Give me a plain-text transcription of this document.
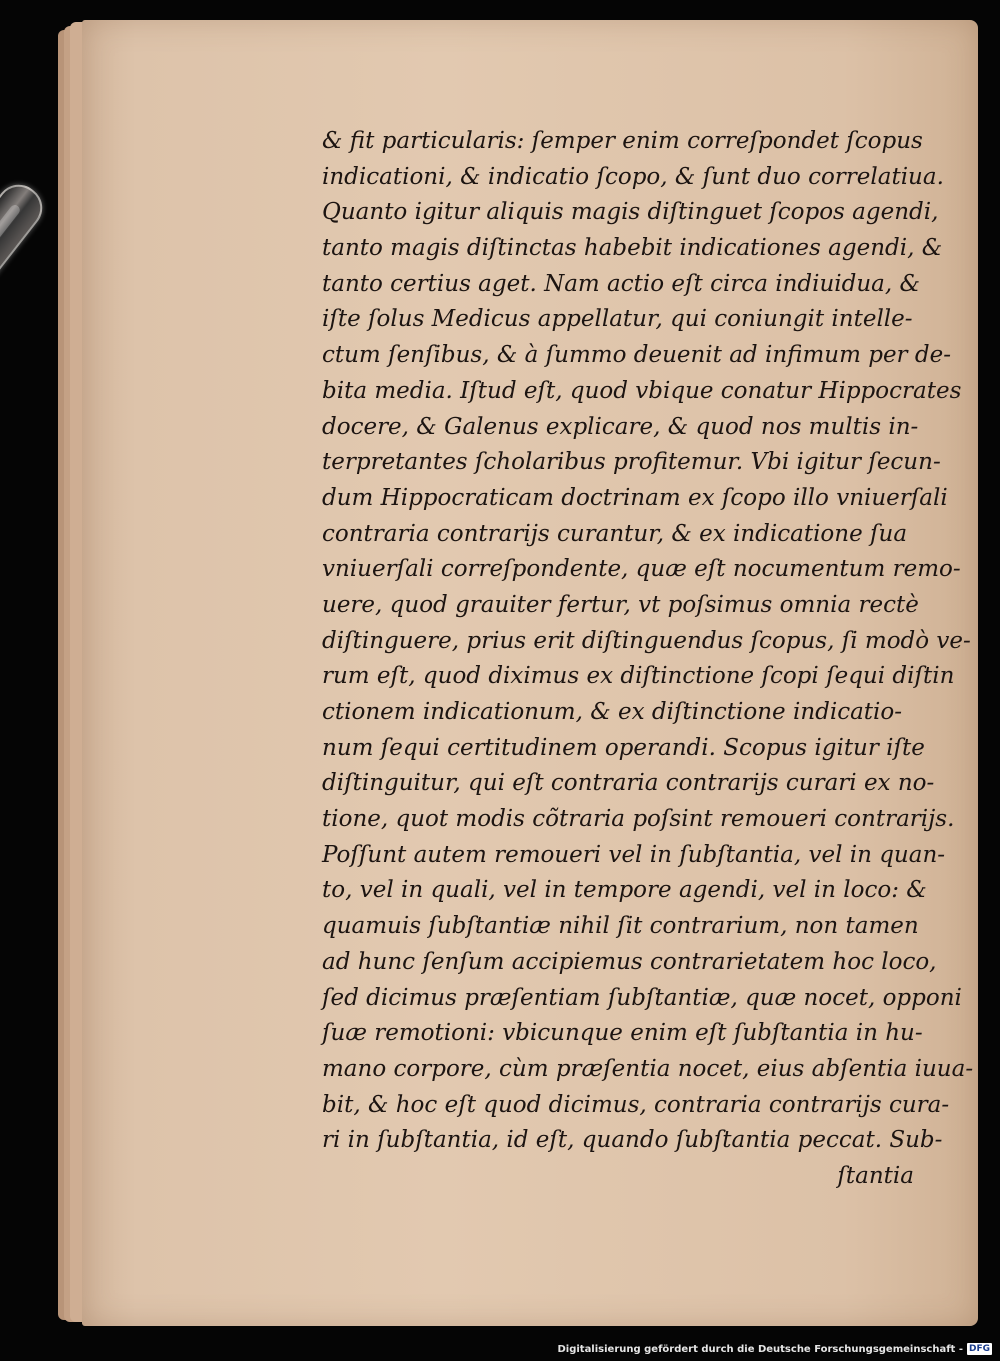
& fit particularis: ſemper enim correſpondet ſcopus
indicationi, & indicatio ſcopo, & ſunt duo correlatiua.
Quanto igitur aliquis magis diſtinguet ſcopos agendi,
tanto magis diſtinctas habebit indicationes agendi, &
tanto certius aget. Nam actio eſt circa indiuidua, &
iſte ſolus Medicus appellatur, qui coniungit intelle-
ctum ſenſibus, & à ſummo deuenit ad infimum per de-
bita media. Iſtud eſt, quod vbique conatur Hippocrates
docere, & Galenus explicare, & quod nos multis in-
terpretantes ſcholaribus profitemur. Vbi igitur ſecun-
dum Hippocraticam doctrinam ex ſcopo illo vniuerſali
contraria contrarijs curantur, & ex indicatione ſua
vniuerſali correſpondente, quæ eſt nocumentum remo-
uere, quod grauiter fertur, vt poſsimus omnia rectè
diſtinguere, prius erit diſtinguendus ſcopus, ſi modò ve-
rum eſt, quod diximus ex diſtinctione ſcopi ſequi diſtin
ctionem indicationum, & ex diſtinctione indicatio-
num ſequi certitudinem operandi. Scopus igitur iſte
diſtinguitur, qui eſt contraria contrarijs curari ex no-
tione, quot modis cõtraria poſsint remoueri contrarijs.
Poſſunt autem remoueri vel in ſubſtantia, vel in quan-
to, vel in quali, vel in tempore agendi, vel in loco: &
quamuis ſubſtantiæ nihil ſit contrarium, non tamen
ad hunc ſenſum accipiemus contrarietatem hoc loco,
ſed dicimus præſentiam ſubſtantiæ, quæ nocet, opponi
ſuæ remotioni: vbicunque enim eſt ſubſtantia in hu-
mano corpore, cùm præſentia nocet, eius abſentia iuua-
bit, & hoc eſt quod dicimus, contraria contrarijs cura-
ri in ſubſtantia, id eſt, quando ſubſtantia peccat. Sub-
ſtantia
Digitalisierung gefördert durch die Deutsche Forschungsgemeinschaft - DFG
